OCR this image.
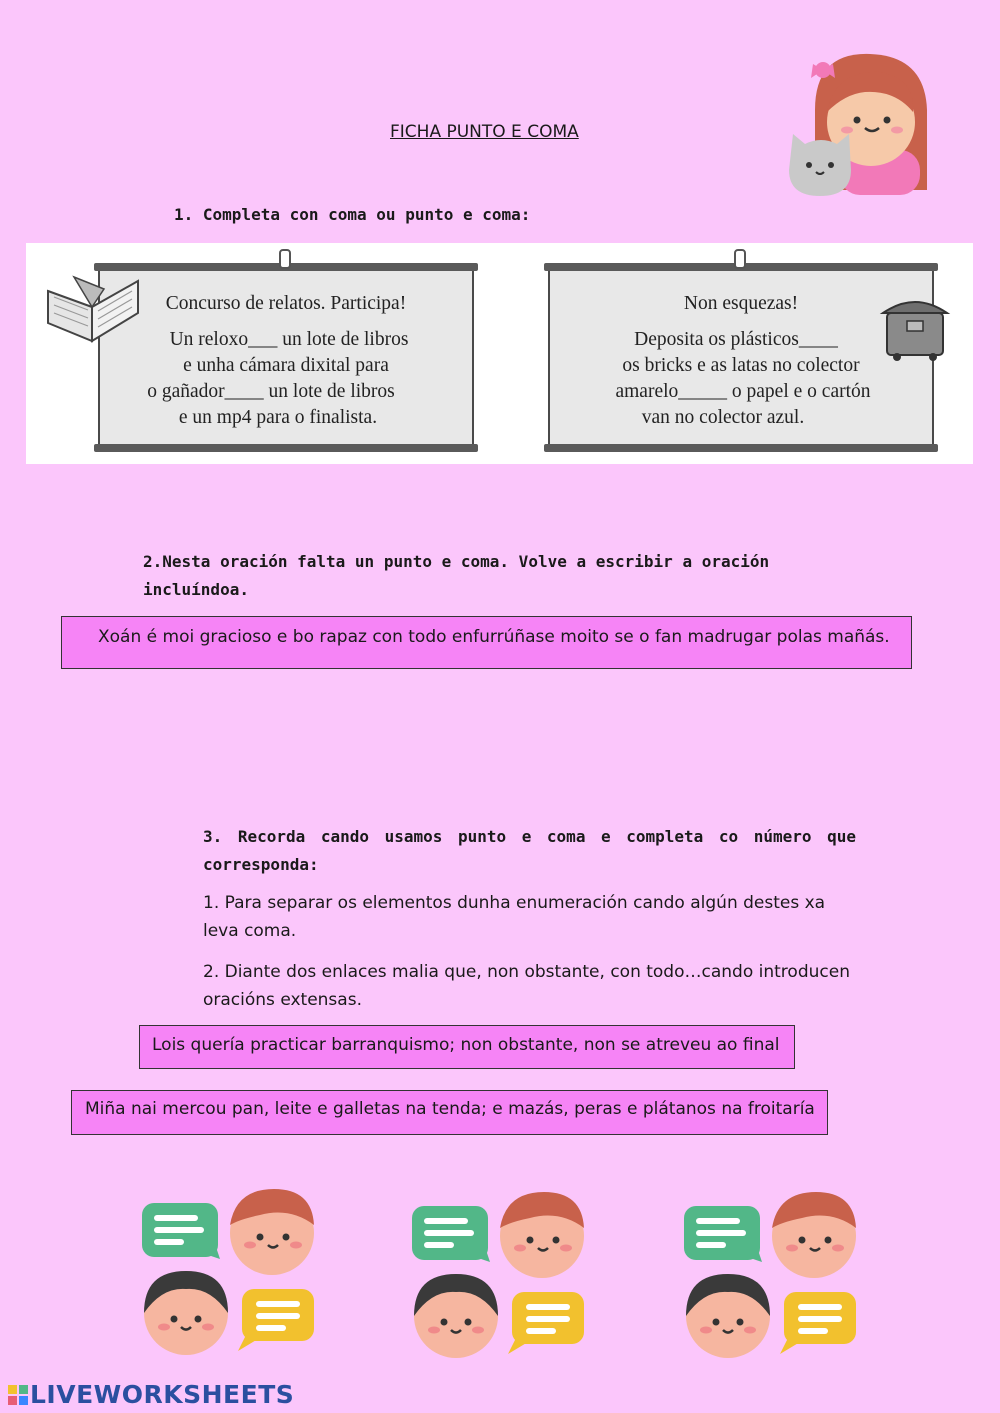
FICHA PUNTO E COMA
1. Completa con coma ou punto e coma:
Concurso de relatos. Participa!
Un reloxo___ un lote de libros
e unha cámara dixital para
o gañador____ un lote de libros
e un mp4 para o finalista.
Non esquezas!
Deposita os plásticos____
os bricks e as latas no colector
amarelo_____ o papel e o cartón
van no colector azul.
2.Nesta oración falta un punto e coma. Volve a escribir a oración incluíndoa.
Xoán é moi gracioso e bo rapaz con todo enfurrúñase moito se o fan madrugar polas mañás.
3. Recorda cando usamos punto e coma e completa co número que corresponda:
1. Para separar os elementos dunha enumeración cando algún destes xa leva coma.
2. Diante dos enlaces malia que, non obstante, con todo…cando introducen oracións extensas.
Lois quería practicar barranquismo; non obstante, non se atreveu ao final
Miña nai mercou pan, leite e galletas na tenda; e mazás, peras e plátanos na froitaría
LIVEWORKSHEETS
